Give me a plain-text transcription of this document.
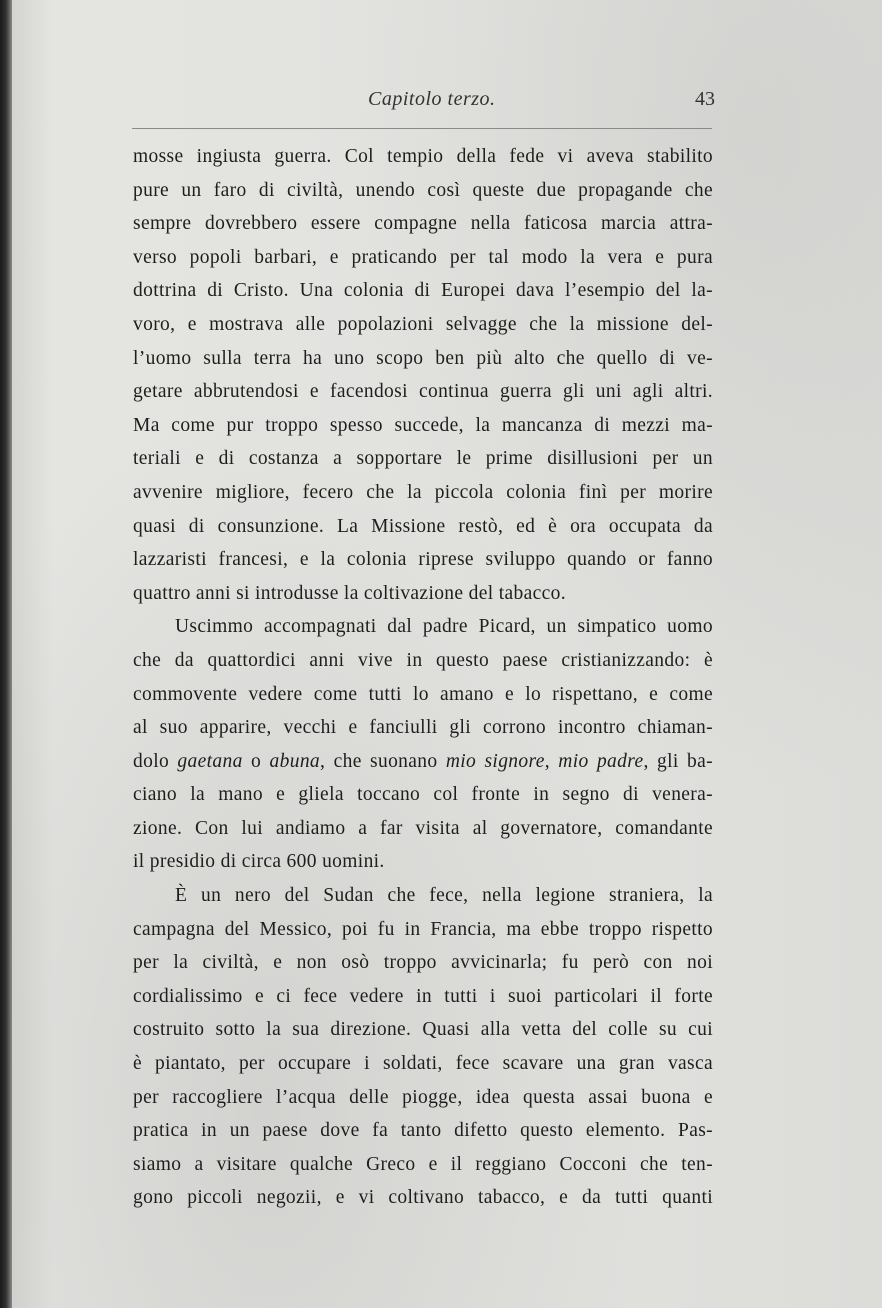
Capitolo terzo.	43
mosse ingiusta guerra. Col tempio della fede vi aveva stabilito
pure un faro di civiltà, unendo così queste due propagande che
sempre dovrebbero essere compagne nella faticosa marcia attra-
verso popoli barbari, e praticando per tal modo la vera e pura
dottrina di Cristo. Una colonia di Europei dava l’esempio del la-
voro, e mostrava alle popolazioni selvagge che la missione del-
l’uomo sulla terra ha uno scopo ben più alto che quello di ve-
getare abbrutendosi e facendosi continua guerra gli uni agli altri.
Ma come pur troppo spesso succede, la mancanza di mezzi ma-
teriali e di costanza a sopportare le prime disillusioni per un
avvenire migliore, fecero che la piccola colonia finì per morire
quasi di consunzione. La Missione restò, ed è ora occupata da
lazzaristi francesi, e la colonia riprese sviluppo quando or fanno
quattro anni si introdusse la coltivazione del tabacco.
Uscimmo accompagnati dal padre Picard, un simpatico uomo
che da quattordici anni vive in questo paese cristianizzando: è
commovente vedere come tutti lo amano e lo rispettano, e come
al suo apparire, vecchi e fanciulli gli corrono incontro chiaman-
dolo gaetana o abuna, che suonano mio signore, mio padre, gli ba-
ciano la mano e gliela toccano col fronte in segno di venera-
zione. Con lui andiamo a far visita al governatore, comandante
il presidio di circa 600 uomini.
È un nero del Sudan che fece, nella legione straniera, la
campagna del Messico, poi fu in Francia, ma ebbe troppo rispetto
per la civiltà, e non osò troppo avvicinarla; fu però con noi
cordialissimo e ci fece vedere in tutti i suoi particolari il forte
costruito sotto la sua direzione. Quasi alla vetta del colle su cui
è piantato, per occupare i soldati, fece scavare una gran vasca
per raccogliere l’acqua delle piogge, idea questa assai buona e
pratica in un paese dove fa tanto difetto questo elemento. Pas-
siamo a visitare qualche Greco e il reggiano Cocconi che ten-
gono piccoli negozii, e vi coltivano tabacco, e da tutti quanti
